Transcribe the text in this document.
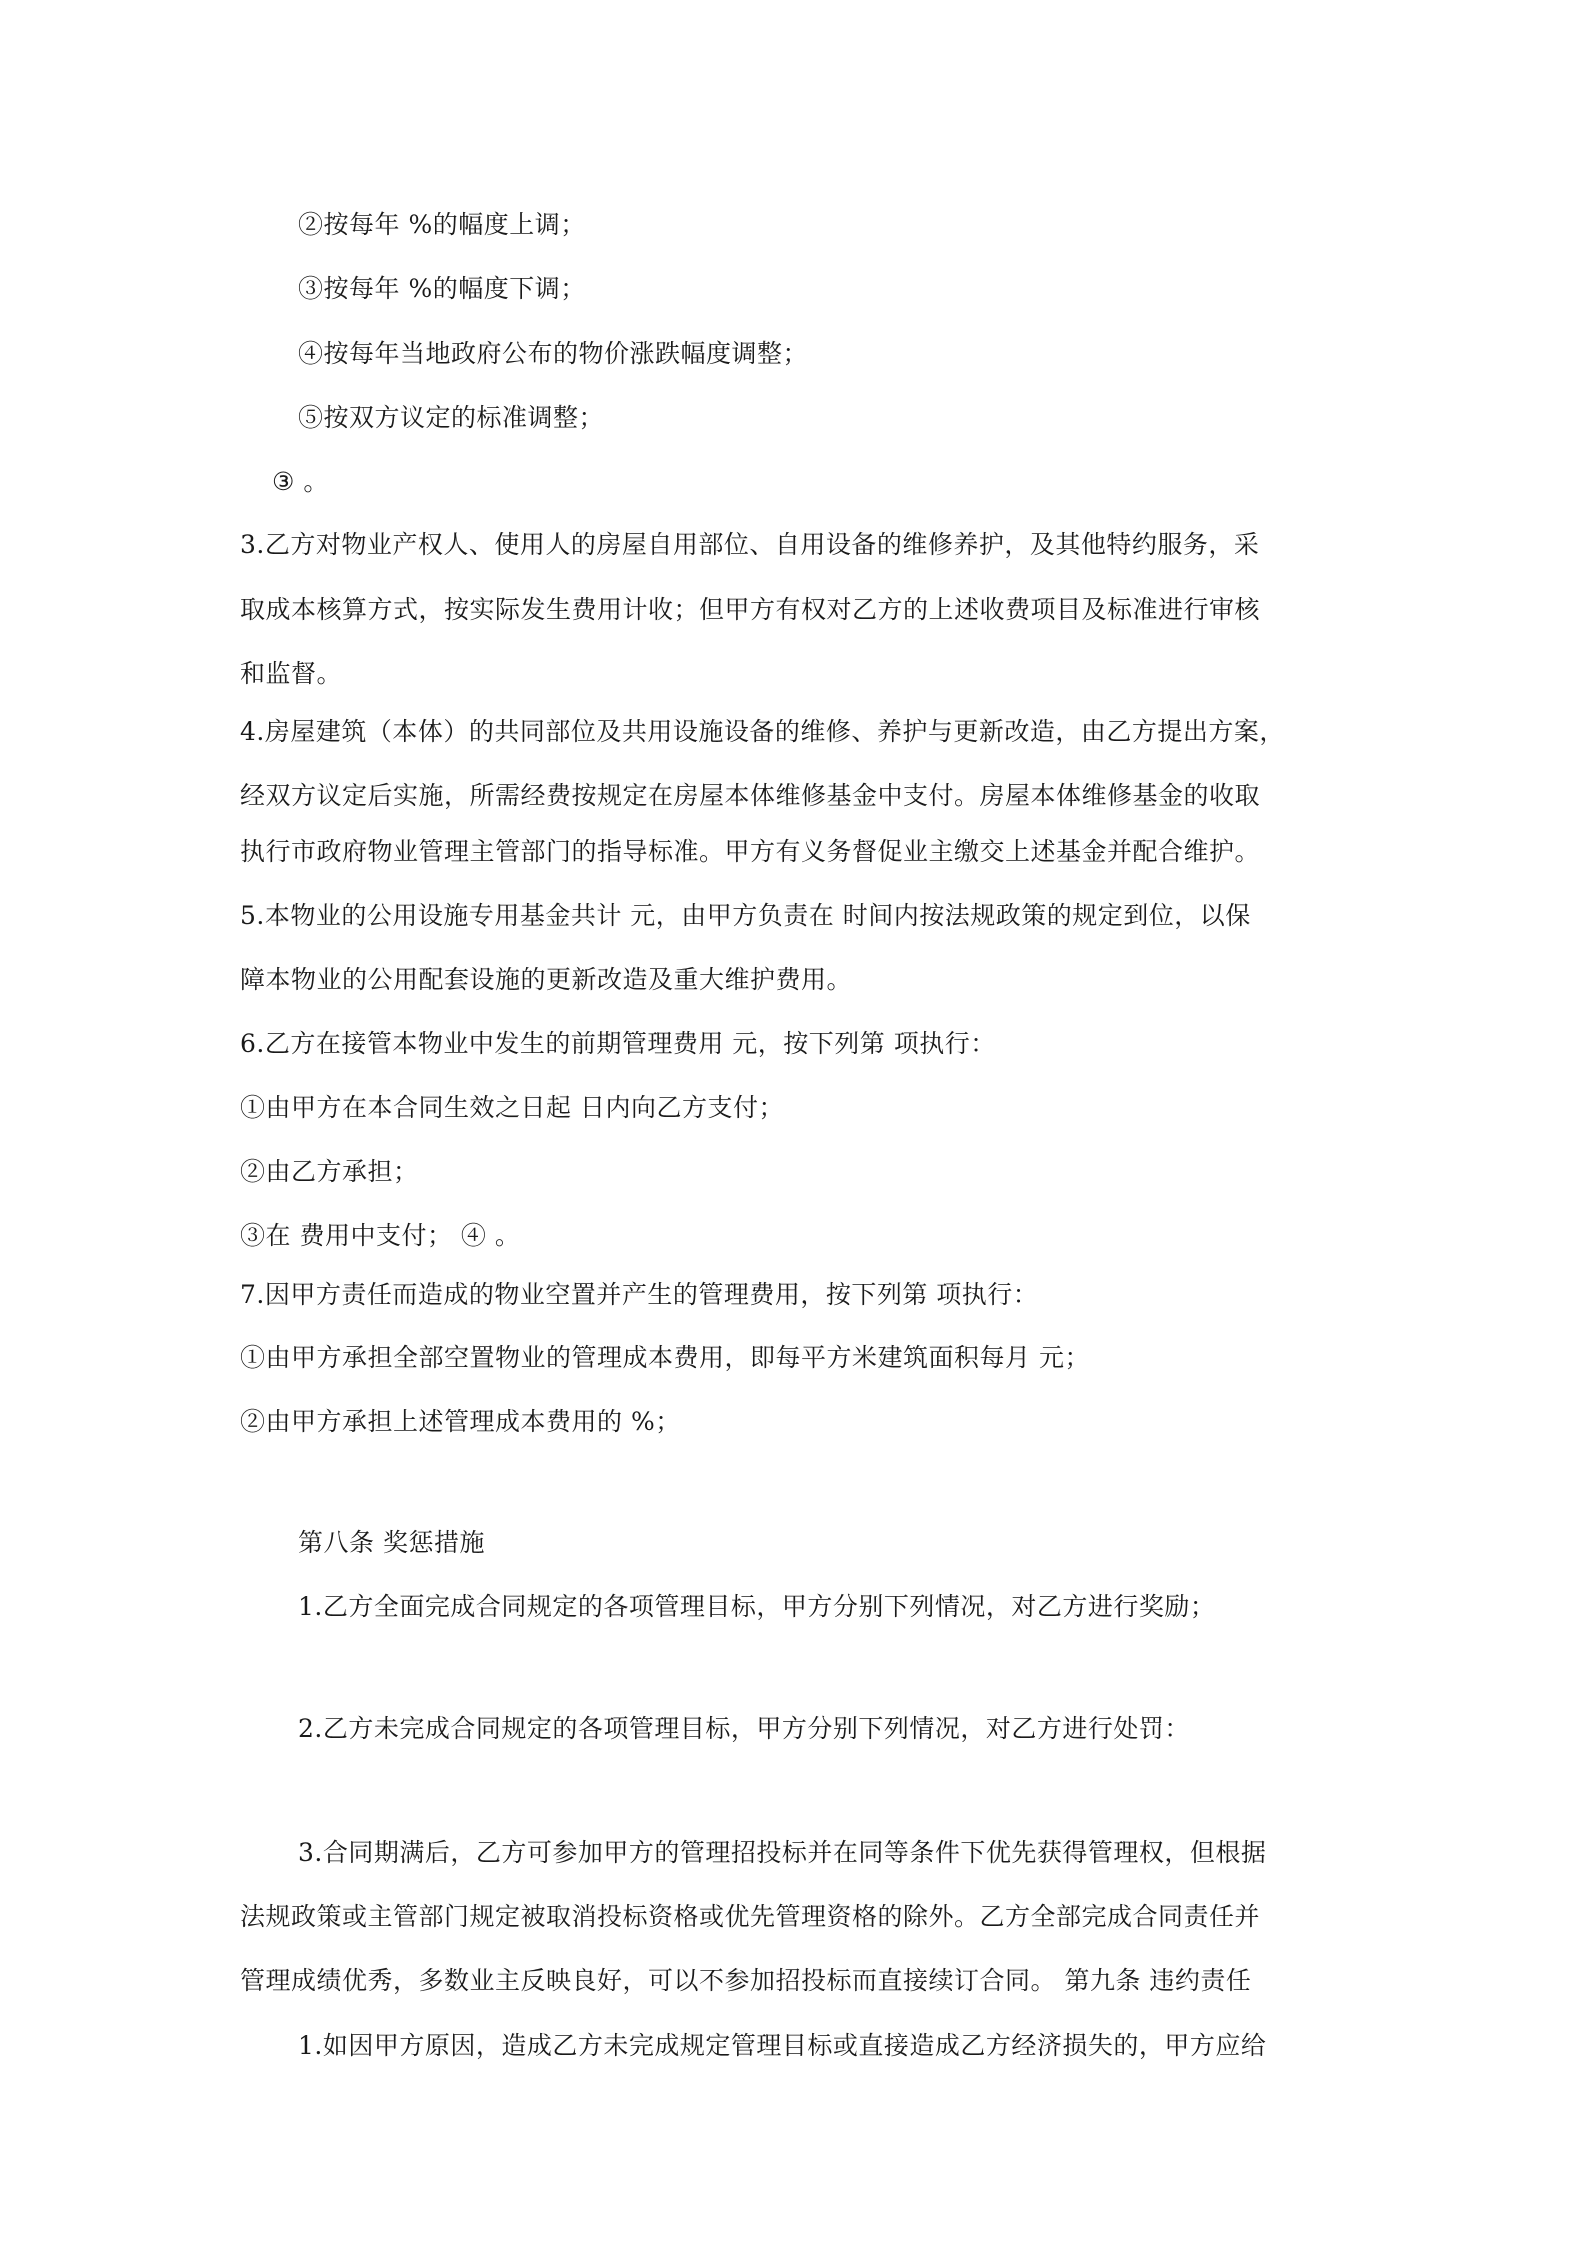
②按每年 %的幅度上调；
③按每年 %的幅度下调；
④按每年当地政府公布的物价涨跌幅度调整；
⑤按双方议定的标准调整；
③ 。
3.乙方对物业产权人、使用人的房屋自用部位、自用设备的维修养护，及其他特约服务，采
取成本核算方式，按实际发生费用计收；但甲方有权对乙方的上述收费项目及标准进行审核
和监督。
4.房屋建筑（本体）的共同部位及共用设施设备的维修、养护与更新改造，由乙方提出方案，
经双方议定后实施，所需经费按规定在房屋本体维修基金中支付。房屋本体维修基金的收取
执行市政府物业管理主管部门的指导标准。甲方有义务督促业主缴交上述基金并配合维护。
5.本物业的公用设施专用基金共计 元，由甲方负责在 时间内按法规政策的规定到位，以保
障本物业的公用配套设施的更新改造及重大维护费用。
6.乙方在接管本物业中发生的前期管理费用 元，按下列第 项执行：
①由甲方在本合同生效之日起 日内向乙方支付；
②由乙方承担；
③在 费用中支付； ④ 。
7.因甲方责任而造成的物业空置并产生的管理费用，按下列第 项执行：
①由甲方承担全部空置物业的管理成本费用，即每平方米建筑面积每月 元；
②由甲方承担上述管理成本费用的 %；
第八条 奖惩措施
1.乙方全面完成合同规定的各项管理目标，甲方分别下列情况，对乙方进行奖励；
2.乙方未完成合同规定的各项管理目标，甲方分别下列情况，对乙方进行处罚：
3.合同期满后，乙方可参加甲方的管理招投标并在同等条件下优先获得管理权，但根据
法规政策或主管部门规定被取消投标资格或优先管理资格的除外。乙方全部完成合同责任并
管理成绩优秀，多数业主反映良好，可以不参加招投标而直接续订合同。 第九条 违约责任
1.如因甲方原因，造成乙方未完成规定管理目标或直接造成乙方经济损失的，甲方应给
